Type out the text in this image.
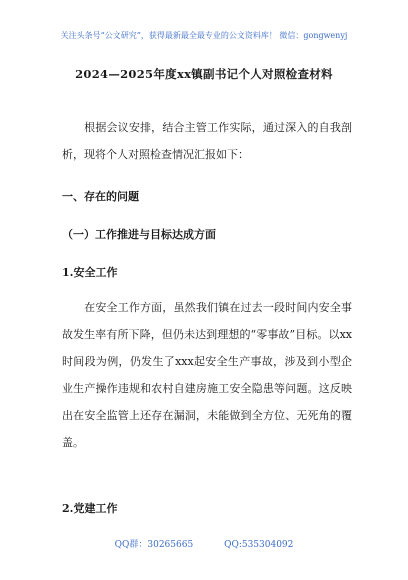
关注头条号“公文研究”，获得最新最全最专业的公文资料库！ 微信：gongwenyj
2024—2025年度xx镇副书记个人对照检查材料
根据会议安排，结合主管工作实际，通过深入的自我剖析，现将个人对照检查情况汇报如下：
一、存在的问题
（一）工作推进与目标达成方面
1.安全工作
在安全工作方面，虽然我们镇在过去一段时间内安全事故发生率有所下降，但仍未达到理想的“零事故”目标。以xx时间段为例，仍发生了xxx起安全生产事故，涉及到小型企业生产操作违规和农村自建房施工安全隐患等问题。这反映出在安全监管上还存在漏洞，未能做到全方位、无死角的覆盖。
2.党建工作
QQ群：30265665	QQ:535304092
